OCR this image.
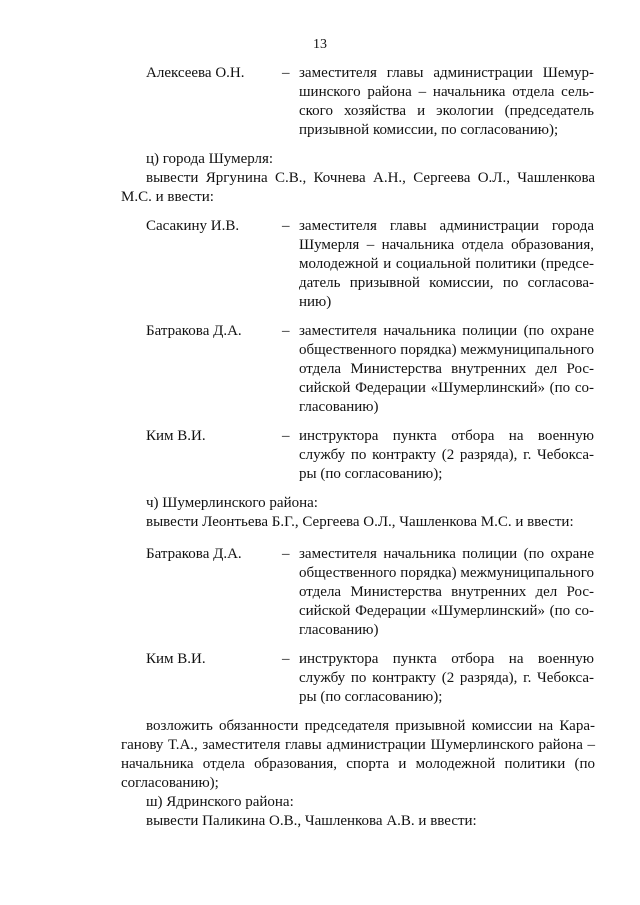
13
Алексеева О.Н.	– заместителя главы администрации Шемуршинского района – начальника отдела сельского хозяйства и экологии (председатель призывной комиссии, по согласованию);
ц) города Шумерля:
вывести Яргунина С.В., Кочнева А.Н., Сергеева О.Л., Чашленкова М.С. и ввести:
Сасакину И.В.	– заместителя главы администрации города Шумерля – начальника отдела образования, молодежной и социальной политики (председатель призывной комиссии, по согласованию)
Батракова Д.А.	– заместителя начальника полиции (по охране общественного порядка) межмуниципального отдела Министерства внутренних дел Российской Федерации «Шумерлинский» (по согласованию)
Ким В.И.	– инструктора пункта отбора на военную службу по контракту (2 разряда), г. Чебоксары (по согласованию);
ч) Шумерлинского района:
вывести Леонтьева Б.Г., Сергеева О.Л., Чашленкова М.С. и ввести:
Батракова Д.А.	– заместителя начальника полиции (по охране общественного порядка) межмуниципального отдела Министерства внутренних дел Российской Федерации «Шумерлинский» (по согласованию)
Ким В.И.	– инструктора пункта отбора на военную службу по контракту (2 разряда), г. Чебоксары (по согласованию);
возложить обязанности председателя призывной комиссии на Караганову Т.А., заместителя главы администрации Шумерлинского района – начальника отдела образования, спорта и молодежной политики (по согласованию);
ш) Ядринского района:
вывести Паликина О.В., Чашленкова А.В. и ввести:
